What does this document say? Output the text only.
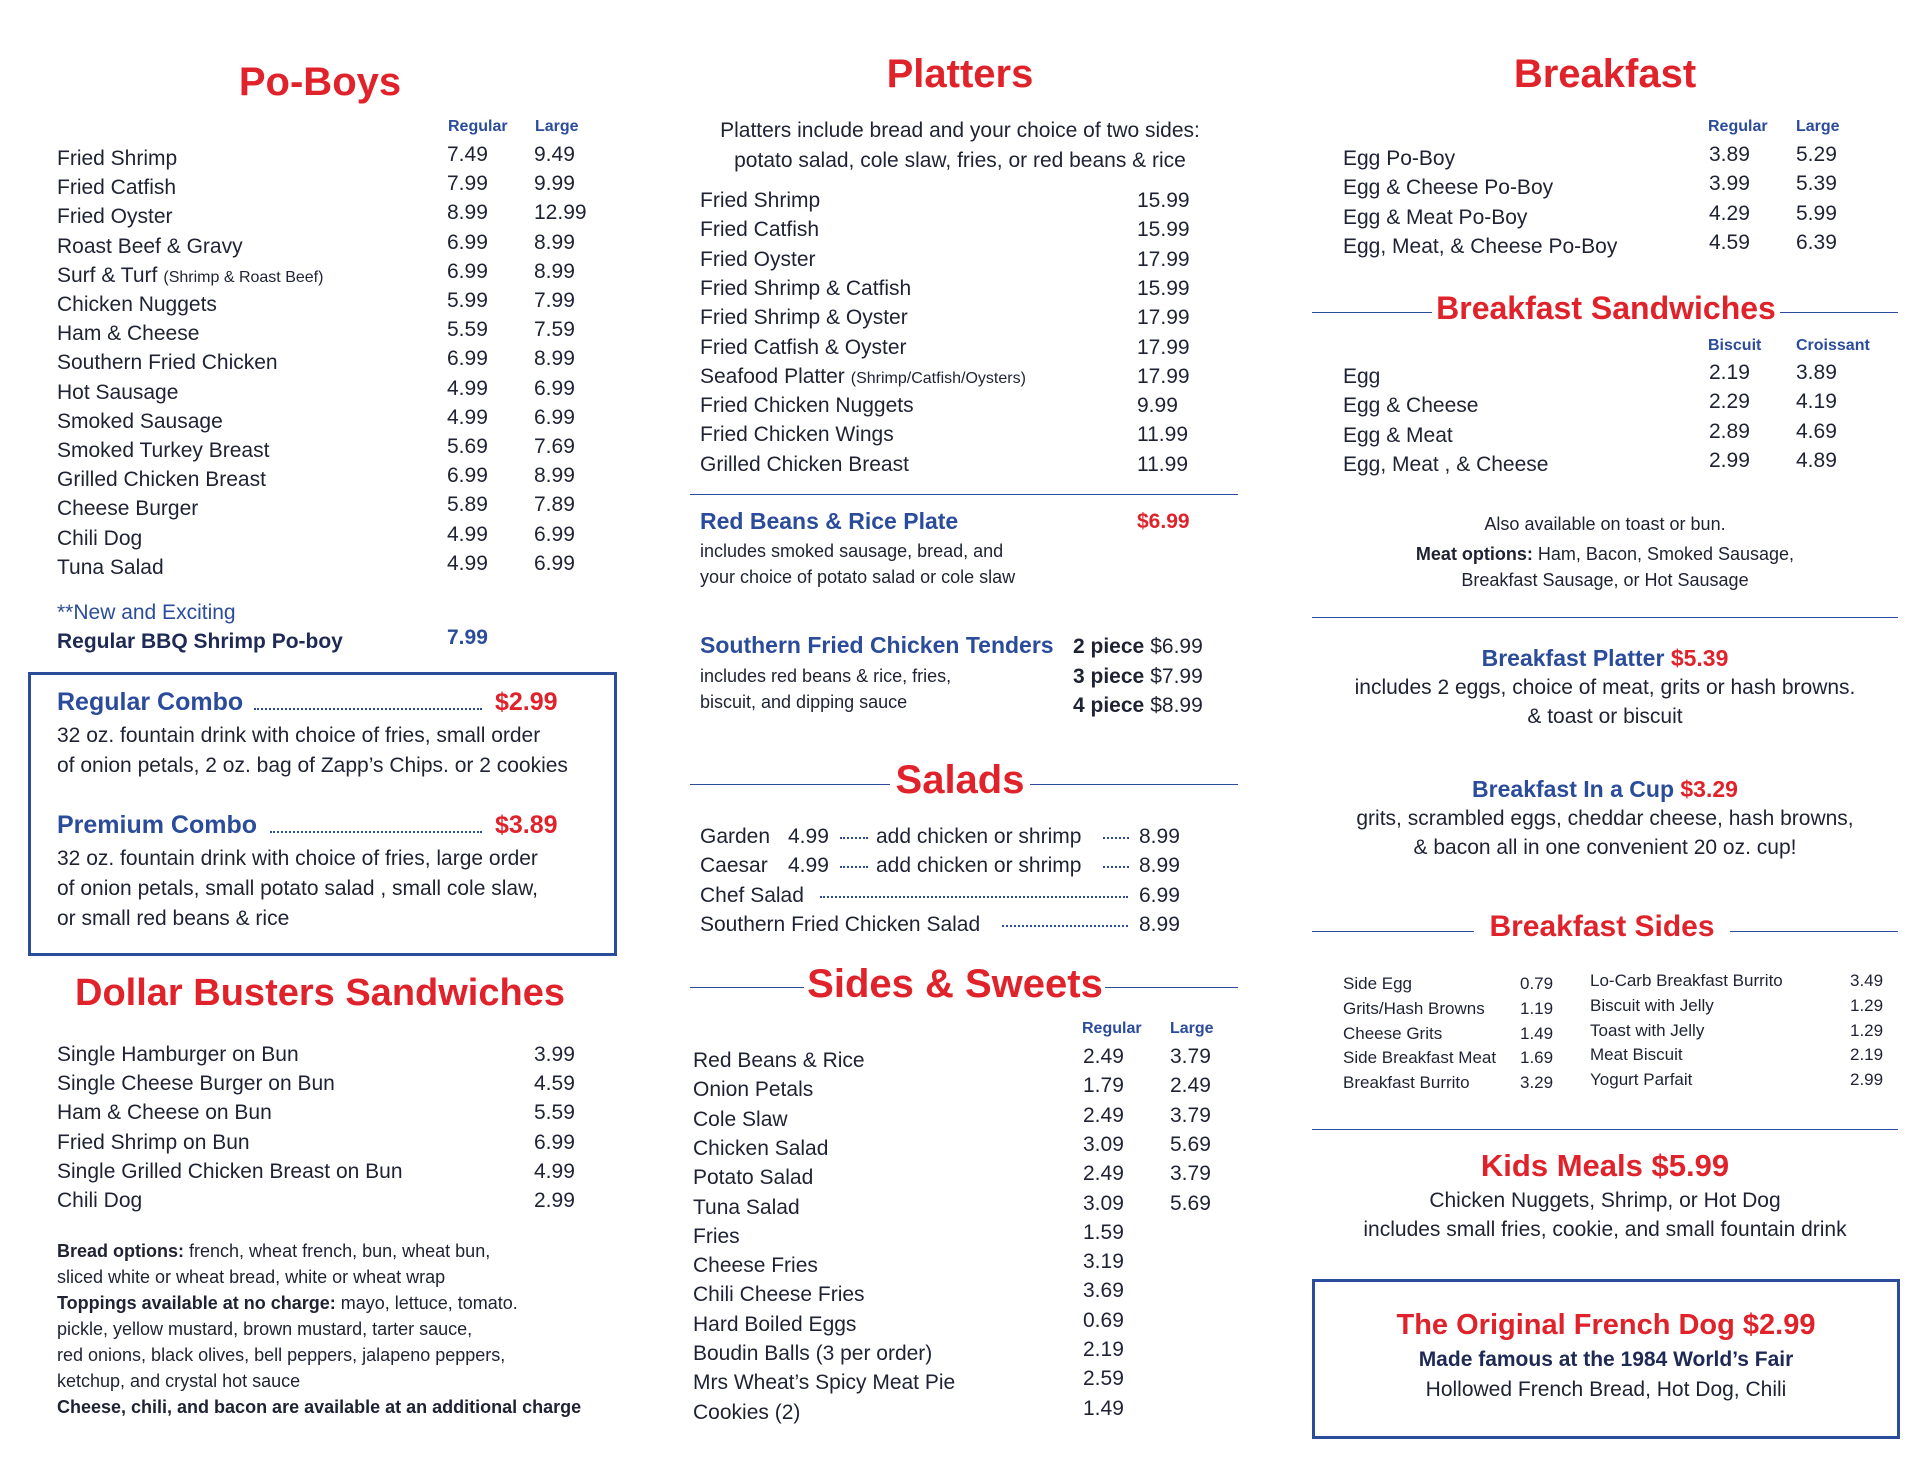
Po-Boys
Regular Large
Fried Shrimp	7.49 9.49
Fried Catfish	7.99 9.99
Fried Oyster	8.99 12.99
Roast Beef & Gravy	6.99 8.99
Surf & Turf (Shrimp & Roast Beef)	6.99 8.99
Chicken Nuggets	5.99 7.99
Ham & Cheese	5.59 7.59
Southern Fried Chicken	6.99 8.99
Hot Sausage	4.99 6.99
Smoked Sausage	4.99 6.99
Smoked Turkey Breast	5.69 7.69
Grilled Chicken Breast	6.99 8.99
Cheese Burger	5.89 7.89
Chili Dog	4.99 6.99
Tuna Salad	4.99 6.99
**New and Exciting
Regular BBQ Shrimp Po-boy	7.99
Regular Combo	$2.99
32 oz. fountain drink with choice of fries, small order
of onion petals, 2 oz. bag of Zapp’s Chips. or 2 cookies
Premium Combo	$3.89
32 oz. fountain drink with choice of fries, large order
of onion petals, small potato salad , small cole slaw,
or small red beans & rice
Dollar Busters Sandwiches
Single Hamburger on Bun	3.99
Single Cheese Burger on Bun	4.59
Ham & Cheese on Bun	5.59
Fried Shrimp on Bun	6.99
Single Grilled Chicken Breast on Bun	4.99
Chili Dog	2.99
Bread options: french, wheat french, bun, wheat bun,
sliced white or wheat bread, white or wheat wrap
Toppings available at no charge: mayo, lettuce, tomato.
pickle, yellow mustard, brown mustard, tarter sauce,
red onions, black olives, bell peppers, jalapeno peppers,
ketchup, and crystal hot sauce
Cheese, chili, and bacon are available at an additional charge
Platters
Platters include bread and your choice of two sides:
potato salad, cole slaw, fries, or red beans & rice
Fried Shrimp	15.99
Fried Catfish	15.99
Fried Oyster	17.99
Fried Shrimp & Catfish	15.99
Fried Shrimp & Oyster	17.99
Fried Catfish & Oyster	17.99
Seafood Platter (Shrimp/Catfish/Oysters)	17.99
Fried Chicken Nuggets	9.99
Fried Chicken Wings	11.99
Grilled Chicken Breast	11.99
Red Beans & Rice Plate	$6.99
includes smoked sausage, bread, and
your choice of potato salad or cole slaw
Southern Fried Chicken Tenders
includes red beans & rice, fries,
biscuit, and dipping sauce
2 piece $6.99
3 piece $7.99
4 piece $8.99
Salads
Garden 4.99 add chicken or shrimp	8.99
Caesar 4.99 add chicken or shrimp	8.99
Chef Salad	6.99
Southern Fried Chicken Salad	8.99
Sides & Sweets
Regular Large
Red Beans & Rice	2.49 3.79
Onion Petals	1.79 2.49
Cole Slaw	2.49 3.79
Chicken Salad	3.09 5.69
Potato Salad	2.49 3.79
Tuna Salad	3.09 5.69
Fries	1.59
Cheese Fries	3.19
Chili Cheese Fries	3.69
Hard Boiled Eggs	0.69
Boudin Balls (3 per order)	2.19
Mrs Wheat’s Spicy Meat Pie	2.59
Cookies (2)	1.49
Breakfast
Regular Large
Egg Po-Boy	3.89 5.29
Egg & Cheese Po-Boy	3.99 5.39
Egg & Meat Po-Boy	4.29 5.99
Egg, Meat, & Cheese Po-Boy	4.59 6.39
Breakfast Sandwiches
Biscuit Croissant
Egg	2.19 3.89
Egg & Cheese	2.29 4.19
Egg & Meat	2.89 4.69
Egg, Meat , & Cheese	2.99 4.89
Also available on toast or bun.
Meat options: Ham, Bacon, Smoked Sausage,
Breakfast Sausage, or Hot Sausage
Breakfast Platter $5.39
includes 2 eggs, choice of meat, grits or hash browns.
& toast or biscuit
Breakfast In a Cup $3.29
grits, scrambled eggs, cheddar cheese, hash browns,
& bacon all in one convenient 20 oz. cup!
Breakfast Sides
Side Egg	0.79
Grits/Hash Browns 1.19
Cheese Grits	1.49
Side Breakfast Meat 1.69
Breakfast Burrito	3.29
Lo-Carb Breakfast Burrito	3.49
Biscuit with Jelly	1.29
Toast with Jelly	1.29
Meat Biscuit	2.19
Yogurt Parfait	2.99
Kids Meals $5.99
Chicken Nuggets, Shrimp, or Hot Dog
includes small fries, cookie, and small fountain drink
The Original French Dog $2.99
Made famous at the 1984 World’s Fair
Hollowed French Bread, Hot Dog, Chili
